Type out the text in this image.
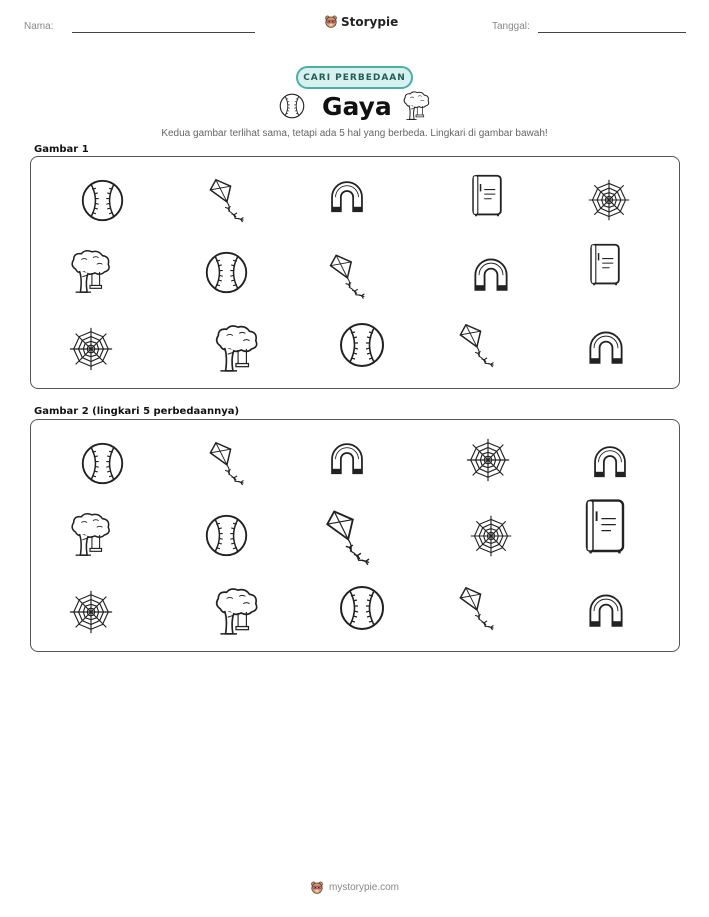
Nama:	Storypie	Tanggal:
CARI PERBEDAAN
Gaya
Kedua gambar terlihat sama, tetapi ada 5 hal yang berbeda. Lingkari di gambar bawah!
Gambar 1
Gambar 2 (lingkari 5 perbedaannya)
mystorypie.com
